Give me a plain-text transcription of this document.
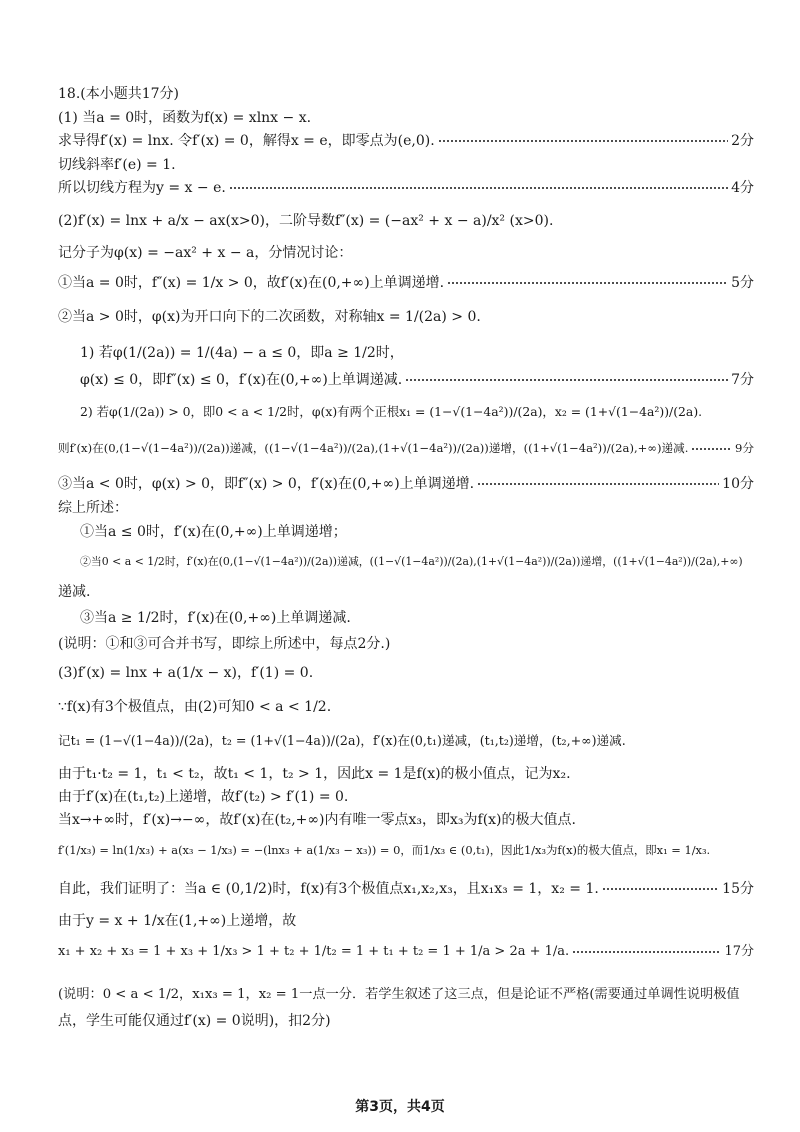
18.(本小题共17分)
(1) 当a = 0时，函数为f(x) = xlnx − x.
求导得f′(x) = lnx. 令f′(x) = 0，解得x = e，即零点为(e,0).	2分
切线斜率f′(e) = 1.
所以切线方程为y = x − e.	4分
(2)f′(x) = lnx + a/x − ax(x>0)，二阶导数f″(x) = (−ax² + x − a)/x² (x>0).
记分子为φ(x) = −ax² + x − a，分情况讨论：
①当a = 0时，f″(x) = 1/x > 0，故f′(x)在(0,+∞)上单调递增.	5分
②当a > 0时，φ(x)为开口向下的二次函数，对称轴x = 1/(2a) > 0.
1) 若φ(1/(2a)) = 1/(4a) − a ≤ 0，即a ≥ 1/2时，
φ(x) ≤ 0，即f″(x) ≤ 0，f′(x)在(0,+∞)上单调递减.	7分
2) 若φ(1/(2a)) > 0，即0 < a < 1/2时，φ(x)有两个正根x₁ = (1−√(1−4a²))/(2a)，x₂ = (1+√(1−4a²))/(2a).
则f′(x)在(0,(1−√(1−4a²))/(2a))递减，((1−√(1−4a²))/(2a),(1+√(1−4a²))/(2a))递增，((1+√(1−4a²))/(2a),+∞)递减.	9分
③当a < 0时，φ(x) > 0，即f″(x) > 0，f′(x)在(0,+∞)上单调递增.	10分
综上所述：
①当a ≤ 0时，f′(x)在(0,+∞)上单调递增；
②当0 < a < 1/2时，f′(x)在(0,(1−√(1−4a²))/(2a))递减，((1−√(1−4a²))/(2a),(1+√(1−4a²))/(2a))递增，((1+√(1−4a²))/(2a),+∞)
递减.
③当a ≥ 1/2时，f′(x)在(0,+∞)上单调递减.
(说明：①和③可合并书写，即综上所述中，每点2分.)
(3)f′(x) = lnx + a(1/x − x)，f′(1) = 0.
∵f(x)有3个极值点，由(2)可知0 < a < 1/2.
记t₁ = (1−√(1−4a))/(2a)，t₂ = (1+√(1−4a))/(2a)，f′(x)在(0,t₁)递减，(t₁,t₂)递增，(t₂,+∞)递减.
由于t₁·t₂ = 1，t₁ < t₂，故t₁ < 1，t₂ > 1，因此x = 1是f(x)的极小值点，记为x₂.
由于f′(x)在(t₁,t₂)上递增，故f′(t₂) > f′(1) = 0.
当x→+∞时，f′(x)→−∞，故f′(x)在(t₂,+∞)内有唯一零点x₃，即x₃为f(x)的极大值点.
f′(1/x₃) = ln(1/x₃) + a(x₃ − 1/x₃) = −(lnx₃ + a(1/x₃ − x₃)) = 0，而1/x₃ ∈ (0,t₁)，因此1/x₃为f(x)的极大值点，即x₁ = 1/x₃.
自此，我们证明了：当a ∈ (0,1/2)时，f(x)有3个极值点x₁,x₂,x₃，且x₁x₃ = 1，x₂ = 1.	15分
由于y = x + 1/x在(1,+∞)上递增，故
x₁ + x₂ + x₃ = 1 + x₃ + 1/x₃ > 1 + t₂ + 1/t₂ = 1 + t₁ + t₂ = 1 + 1/a > 2a + 1/a.	17分
(说明：0 < a < 1/2，x₁x₃ = 1，x₂ = 1一点一分．若学生叙述了这三点，但是论证不严格(需要通过单调性说明极值
点，学生可能仅通过f′(x) = 0说明)，扣2分)
第3页，共4页
